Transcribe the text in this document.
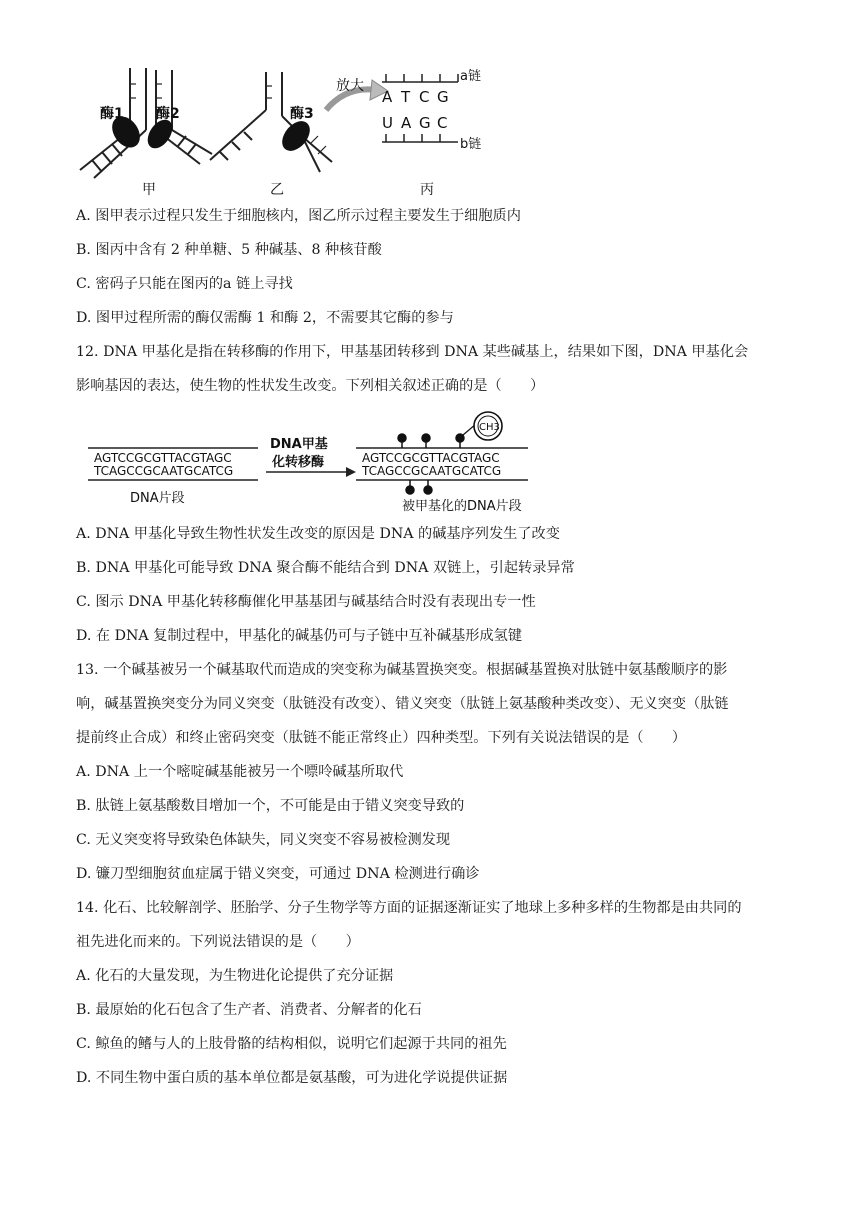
酶1 酶2
甲
酶3
乙
放大
A T C G
U A G C
a链
b链
丙
A. 图甲表示过程只发生于细胞核内，图乙所示过程主要发生于细胞质内
B. 图丙中含有 2 种单糖、5 种碱基、8 种核苷酸
C. 密码子只能在图丙的a 链上寻找
D. 图甲过程所需的酶仅需酶 1 和酶 2，不需要其它酶的参与
12. DNA 甲基化是指在转移酶的作用下，甲基基团转移到 DNA 某些碱基上，结果如下图，DNA 甲基化会
影响基因的表达，使生物的性状发生改变。下列相关叙述正确的是（　　）
AGTCCGCGTTACGTAGC
TCAGCCGCAATGCATCG
DNA片段
DNA甲基
化转移酶	AGTCCGCGTTACGTAGC
TCAGCCGCAATGCATCG
CH3
被甲基化的DNA片段
A. DNA 甲基化导致生物性状发生改变的原因是 DNA 的碱基序列发生了改变
B. DNA 甲基化可能导致 DNA 聚合酶不能结合到 DNA 双链上，引起转录异常
C. 图示 DNA 甲基化转移酶催化甲基基团与碱基结合时没有表现出专一性
D. 在 DNA 复制过程中，甲基化的碱基仍可与子链中互补碱基形成氢键
13. 一个碱基被另一个碱基取代而造成的突变称为碱基置换突变。根据碱基置换对肽链中氨基酸顺序的影
响，碱基置换突变分为同义突变（肽链没有改变）、错义突变（肽链上氨基酸种类改变）、无义突变（肽链
提前终止合成）和终止密码突变（肽链不能正常终止）四种类型。下列有关说法错误的是（　　）
A. DNA 上一个嘧啶碱基能被另一个嘌呤碱基所取代
B. 肽链上氨基酸数目增加一个，不可能是由于错义突变导致的
C. 无义突变将导致染色体缺失，同义突变不容易被检测发现
D. 镰刀型细胞贫血症属于错义突变，可通过 DNA 检测进行确诊
14. 化石、比较解剖学、胚胎学、分子生物学等方面的证据逐渐证实了地球上多种多样的生物都是由共同的
祖先进化而来的。下列说法错误的是（　　）
A. 化石的大量发现，为生物进化论提供了充分证据
B. 最原始的化石包含了生产者、消费者、分解者的化石
C. 鲸鱼的鳍与人的上肢骨骼的结构相似，说明它们起源于共同的祖先
D. 不同生物中蛋白质的基本单位都是氨基酸，可为进化学说提供证据
